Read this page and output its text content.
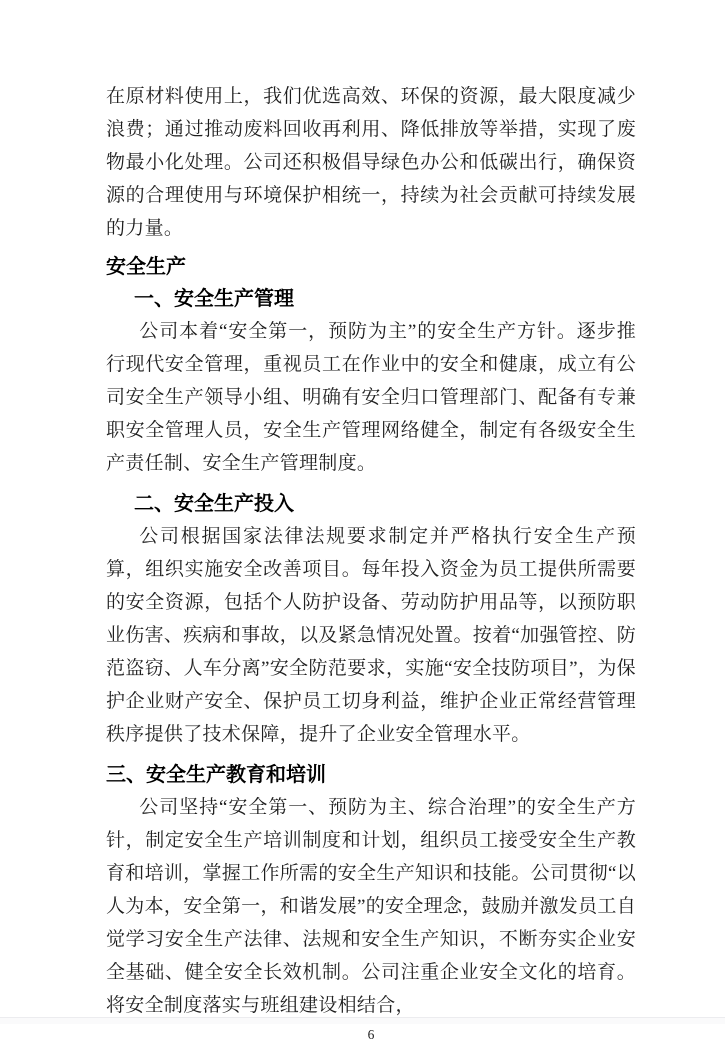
在原材料使用上，我们优选高效、环保的资源，最大限度减少浪费；通过推动废料回收再利用、降低排放等举措，实现了废物最小化处理。公司还积极倡导绿色办公和低碳出行，确保资源的合理使用与环境保护相统一，持续为社会贡献可持续发展的力量。

安全生产
一、安全生产管理

公司本着“安全第一，预防为主”的安全生产方针。逐步推行现代安全管理，重视员工在作业中的安全和健康，成立有公司安全生产领导小组、明确有安全归口管理部门、配备有专兼职安全管理人员，安全生产管理网络健全，制定有各级安全生产责任制、安全生产管理制度。

二、安全生产投入

公司根据国家法律法规要求制定并严格执行安全生产预算，组织实施安全改善项目。每年投入资金为员工提供所需要的安全资源，包括个人防护设备、劳动防护用品等，以预防职业伤害、疾病和事故，以及紧急情况处置。按着“加强管控、防范盗窃、人车分离”安全防范要求，实施“安全技防项目”，为保护企业财产安全、保护员工切身利益，维护企业正常经营管理秩序提供了技术保障，提升了企业安全管理水平。

三、安全生产教育和培训

公司坚持“安全第一、预防为主、综合治理”的安全生产方针，制定安全生产培训制度和计划，组织员工接受安全生产教育和培训，掌握工作所需的安全生产知识和技能。公司贯彻“以人为本，安全第一，和谐发展”的安全理念，鼓励并激发员工自觉学习安全生产法律、法规和安全生产知识，不断夯实企业安全基础、健全安全长效机制。公司注重企业安全文化的培育。将安全制度落实与班组建设相结合，

6
